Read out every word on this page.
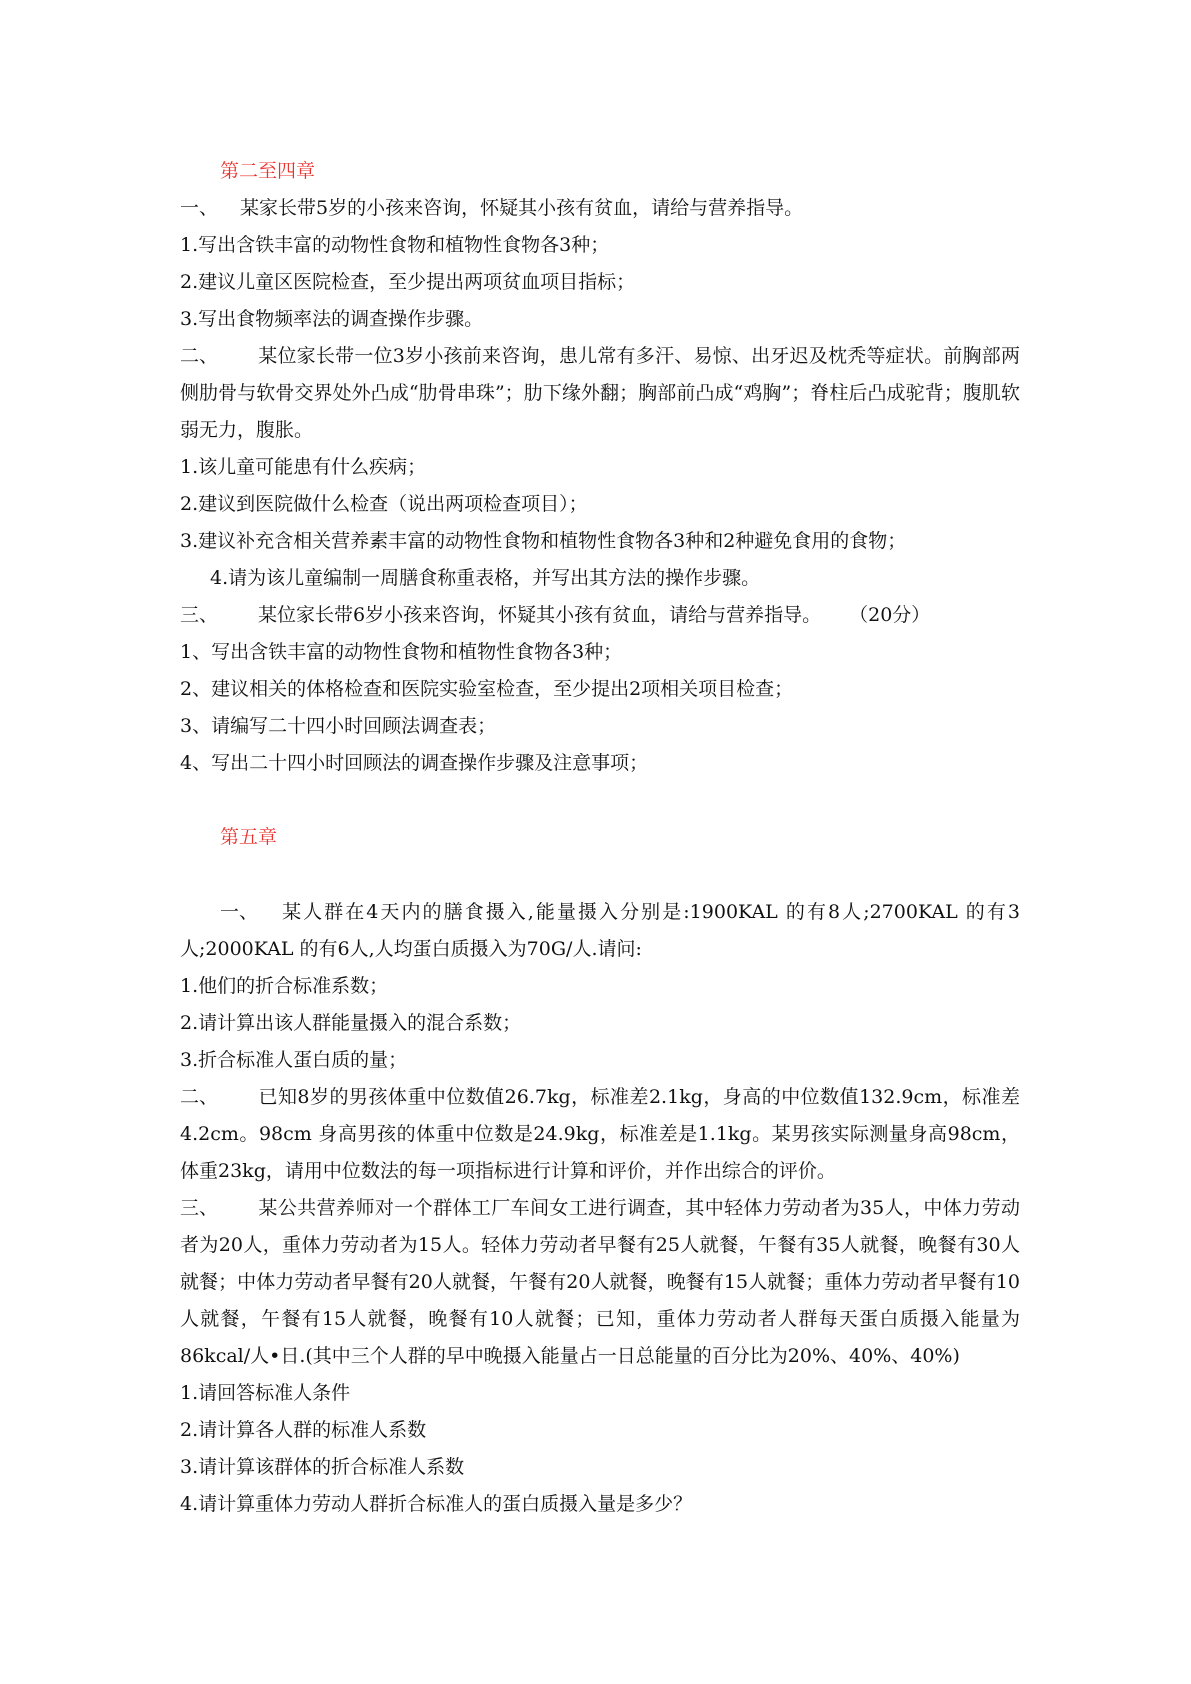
第二至四章

一、 某家长带5岁的小孩来咨询，怀疑其小孩有贫血，请给与营养指导。

1.写出含铁丰富的动物性食物和植物性食物各3种；

2.建议儿童区医院检查，至少提出两项贫血项目指标；

3.写出食物频率法的调查操作步骤。

二、 某位家长带一位3岁小孩前来咨询，患儿常有多汗、易惊、出牙迟及枕秃等症状。前胸部两侧肋骨与软骨交界处外凸成“肋骨串珠”；肋下缘外翻；胸部前凸成“鸡胸”；脊柱后凸成驼背；腹肌软弱无力，腹胀。

1.该儿童可能患有什么疾病；

2.建议到医院做什么检查（说出两项检查项目）；

3.建议补充含相关营养素丰富的动物性食物和植物性食物各3种和2种避免食用的食物；

4.请为该儿童编制一周膳食称重表格，并写出其方法的操作步骤。

三、 某位家长带6岁小孩来咨询，怀疑其小孩有贫血，请给与营养指导。 （20分）

1、写出含铁丰富的动物性食物和植物性食物各3种；

2、建议相关的体格检查和医院实验室检查，至少提出2项相关项目检查；

3、请编写二十四小时回顾法调查表；

4、写出二十四小时回顾法的调查操作步骤及注意事项；

第五章

一、 某人群在4天内的膳食摄入,能量摄入分别是:1900KAL 的有8人;2700KAL 的有3人;2000KAL 的有6人,人均蛋白质摄入为70G/人.请问:

1.他们的折合标准系数；

2.请计算出该人群能量摄入的混合系数；

3.折合标准人蛋白质的量；

二、 已知8岁的男孩体重中位数值26.7kg，标准差2.1kg，身高的中位数值132.9cm，标准差4.2cm。98cm 身高男孩的体重中位数是24.9kg，标准差是1.1kg。某男孩实际测量身高98cm，体重23kg，请用中位数法的每一项指标进行计算和评价，并作出综合的评价。

三、 某公共营养师对一个群体工厂车间女工进行调查，其中轻体力劳动者为35人，中体力劳动者为20人，重体力劳动者为15人。轻体力劳动者早餐有25人就餐，午餐有35人就餐，晚餐有30人就餐；中体力劳动者早餐有20人就餐，午餐有20人就餐，晚餐有15人就餐；重体力劳动者早餐有10人就餐，午餐有15人就餐，晚餐有10人就餐；已知，重体力劳动者人群每天蛋白质摄入能量为86kcal/人•日.(其中三个人群的早中晚摄入能量占一日总能量的百分比为20%、40%、40%)

1.请回答标准人条件

2.请计算各人群的标准人系数

3.请计算该群体的折合标准人系数

4.请计算重体力劳动人群折合标准人的蛋白质摄入量是多少？
